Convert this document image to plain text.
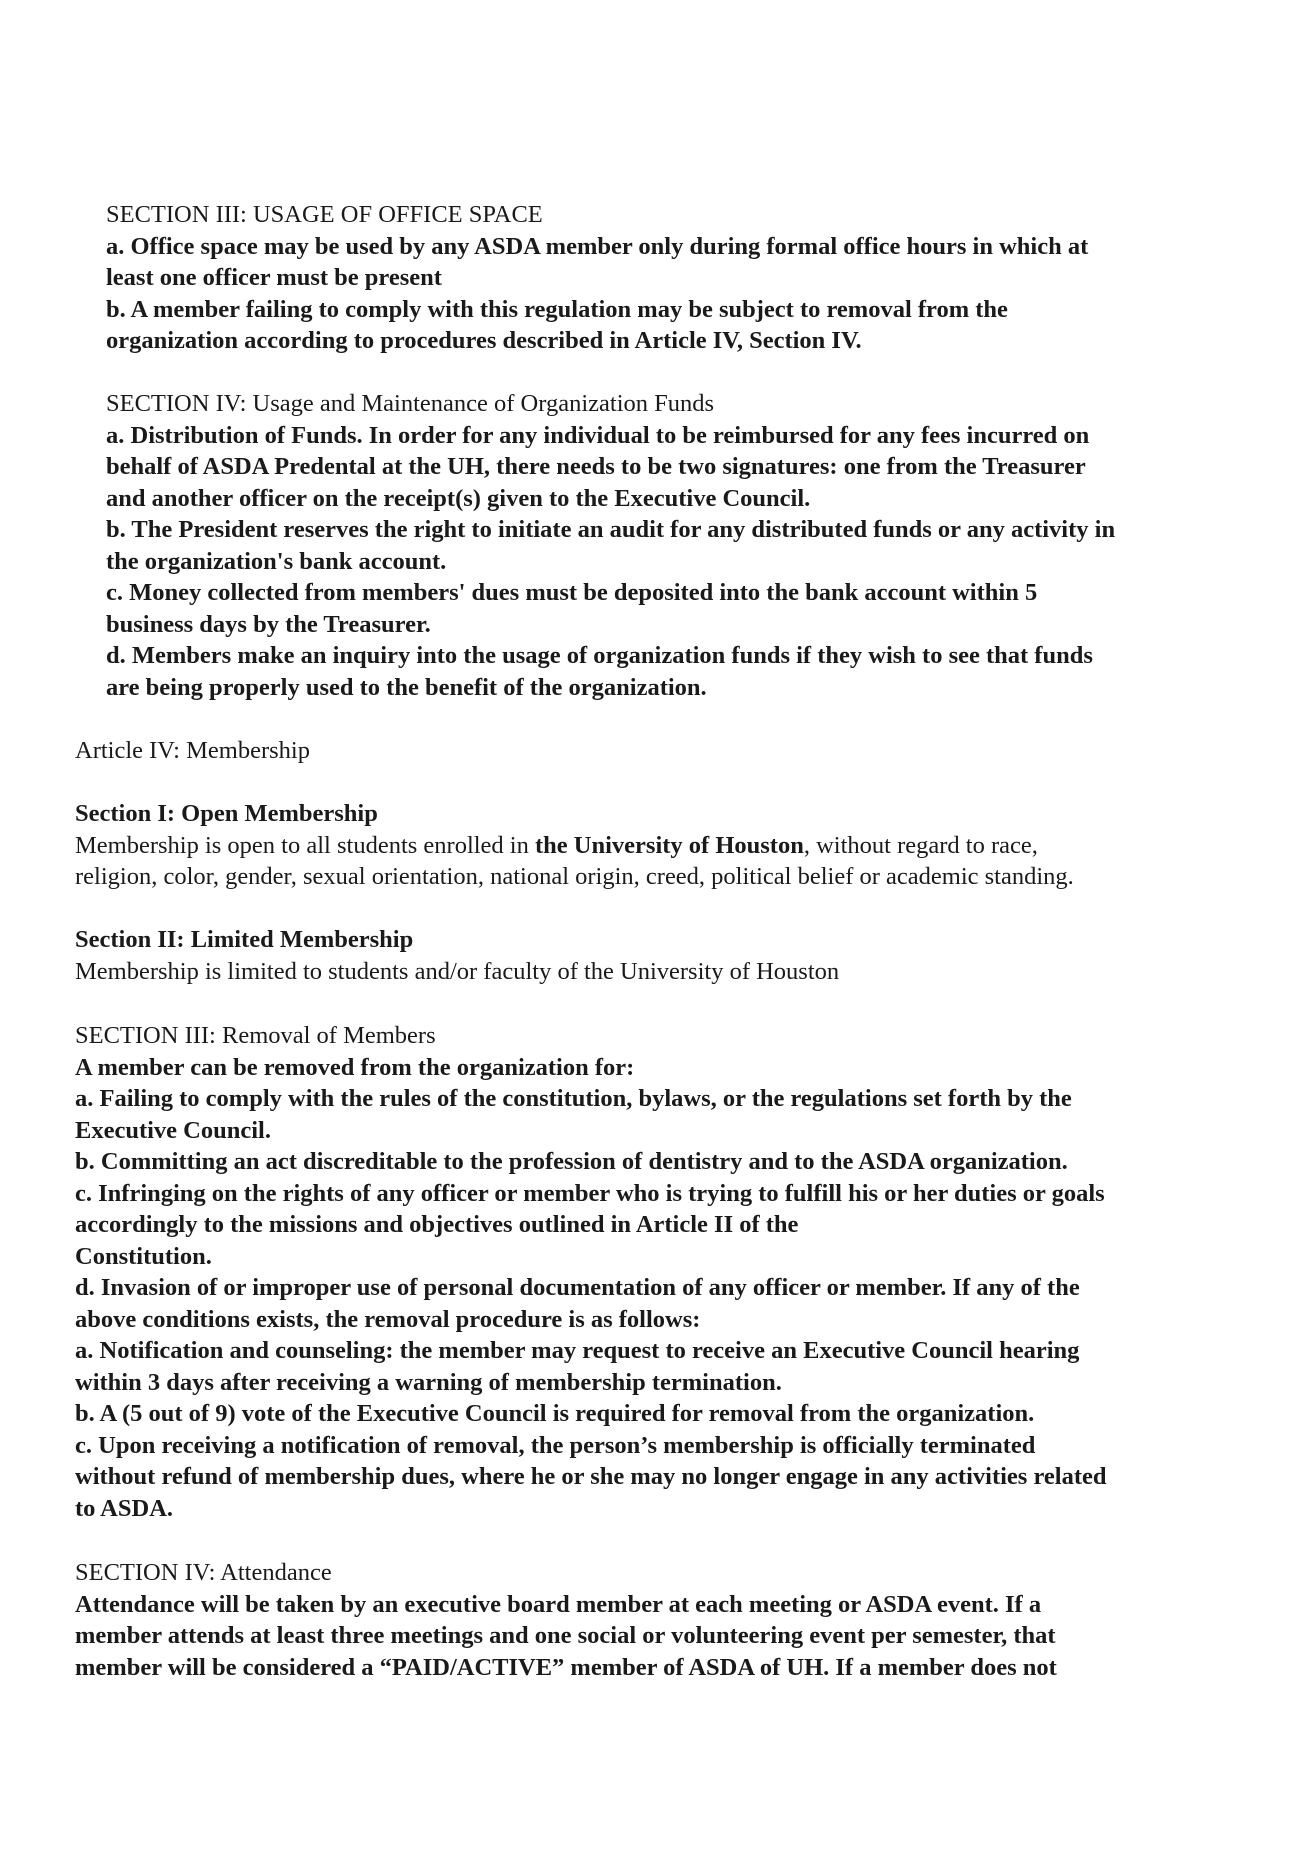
SECTION III: USAGE OF OFFICE SPACE
a. Office space may be used by any ASDA member only during formal office hours in which at
least one officer must be present
b. A member failing to comply with this regulation may be subject to removal from the
organization according to procedures described in Article IV, Section IV.
SECTION IV: Usage and Maintenance of Organization Funds
a. Distribution of Funds. In order for any individual to be reimbursed for any fees incurred on
behalf of ASDA Predental at the UH, there needs to be two signatures: one from the Treasurer
and another officer on the receipt(s) given to the Executive Council.
b. The President reserves the right to initiate an audit for any distributed funds or any activity in
the organization's bank account.
c. Money collected from members' dues must be deposited into the bank account within 5
business days by the Treasurer.
d. Members make an inquiry into the usage of organization funds if they wish to see that funds
are being properly used to the benefit of the organization.
Article IV: Membership
Section I: Open Membership
Membership is open to all students enrolled in the University of Houston, without regard to race,
religion, color, gender, sexual orientation, national origin, creed, political belief or academic standing.
Section II: Limited Membership
Membership is limited to students and/or faculty of the University of Houston
SECTION III: Removal of Members
A member can be removed from the organization for:
a. Failing to comply with the rules of the constitution, bylaws, or the regulations set forth by the
Executive Council.
b. Committing an act discreditable to the profession of dentistry and to the ASDA organization.
c. Infringing on the rights of any officer or member who is trying to fulfill his or her duties or goals
accordingly to the missions and objectives outlined in Article II of the
Constitution.
d. Invasion of or improper use of personal documentation of any officer or member. If any of the
above conditions exists, the removal procedure is as follows:
a. Notification and counseling: the member may request to receive an Executive Council hearing
within 3 days after receiving a warning of membership termination.
b. A (5 out of 9) vote of the Executive Council is required for removal from the organization.
c. Upon receiving a notification of removal, the person’s membership is officially terminated
without refund of membership dues, where he or she may no longer engage in any activities related
to ASDA.
SECTION IV: Attendance
Attendance will be taken by an executive board member at each meeting or ASDA event. If a
member attends at least three meetings and one social or volunteering event per semester, that
member will be considered a “PAID/ACTIVE” member of ASDA of UH. If a member does not
